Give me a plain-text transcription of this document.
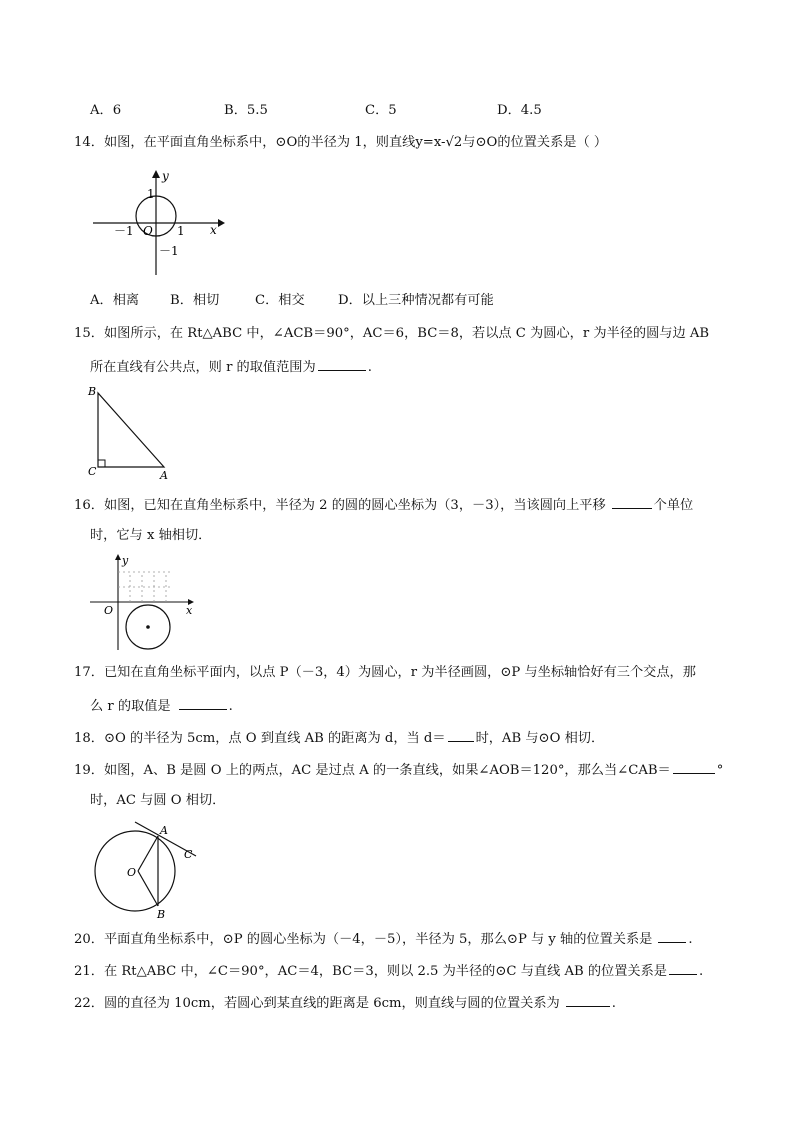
A．6	B．5.5	C．5	D．4.5
14．如图，在平面直角坐标系中，⊙O的半径为 1，则直线y=x-√2与⊙O的位置关系是（ ）
y
x
O
1
－1	1
－1
A．相离 B．相切	C．相交	D．以上三种情况都有可能
15．如图所示，在 Rt△ABC 中，∠ACB＝90°，AC＝6，BC＝8，若以点 C 为圆心，r 为半径的圆与边 AB
所在直线有公共点，则 r 的取值范围为	.
B
C	A
16．如图，已知在直角坐标系中，半径为 2 的圆的圆心坐标为（3，－3），当该圆向上平移	个单位
时，它与 x 轴相切．
y
x
O
17．已知在直角坐标平面内，以点 P（－3，4）为圆心，r 为半径画圆，⊙P 与坐标轴恰好有三个交点，那
么 r 的取值是	.
18．⊙O 的半径为 5cm，点 O 到直线 AB 的距离为 d，当 d＝ 时，AB 与⊙O 相切．
19．如图，A、B 是圆 O 上的两点，AC 是过点 A 的一条直线，如果∠AOB＝120°，那么当∠CAB＝	°
时，AC 与圆 O 相切．
A
C
O
B
20．平面直角坐标系中，⊙P 的圆心坐标为（－4，－5），半径为 5，那么⊙P 与 y 轴的位置关系是	.
21．在 Rt△ABC 中，∠C＝90°，AC＝4，BC＝3，则以 2.5 为半径的⊙C 与直线 AB 的位置关系是 .
22．圆的直径为 10cm，若圆心到某直线的距离是 6cm，则直线与圆的位置关系为	.
